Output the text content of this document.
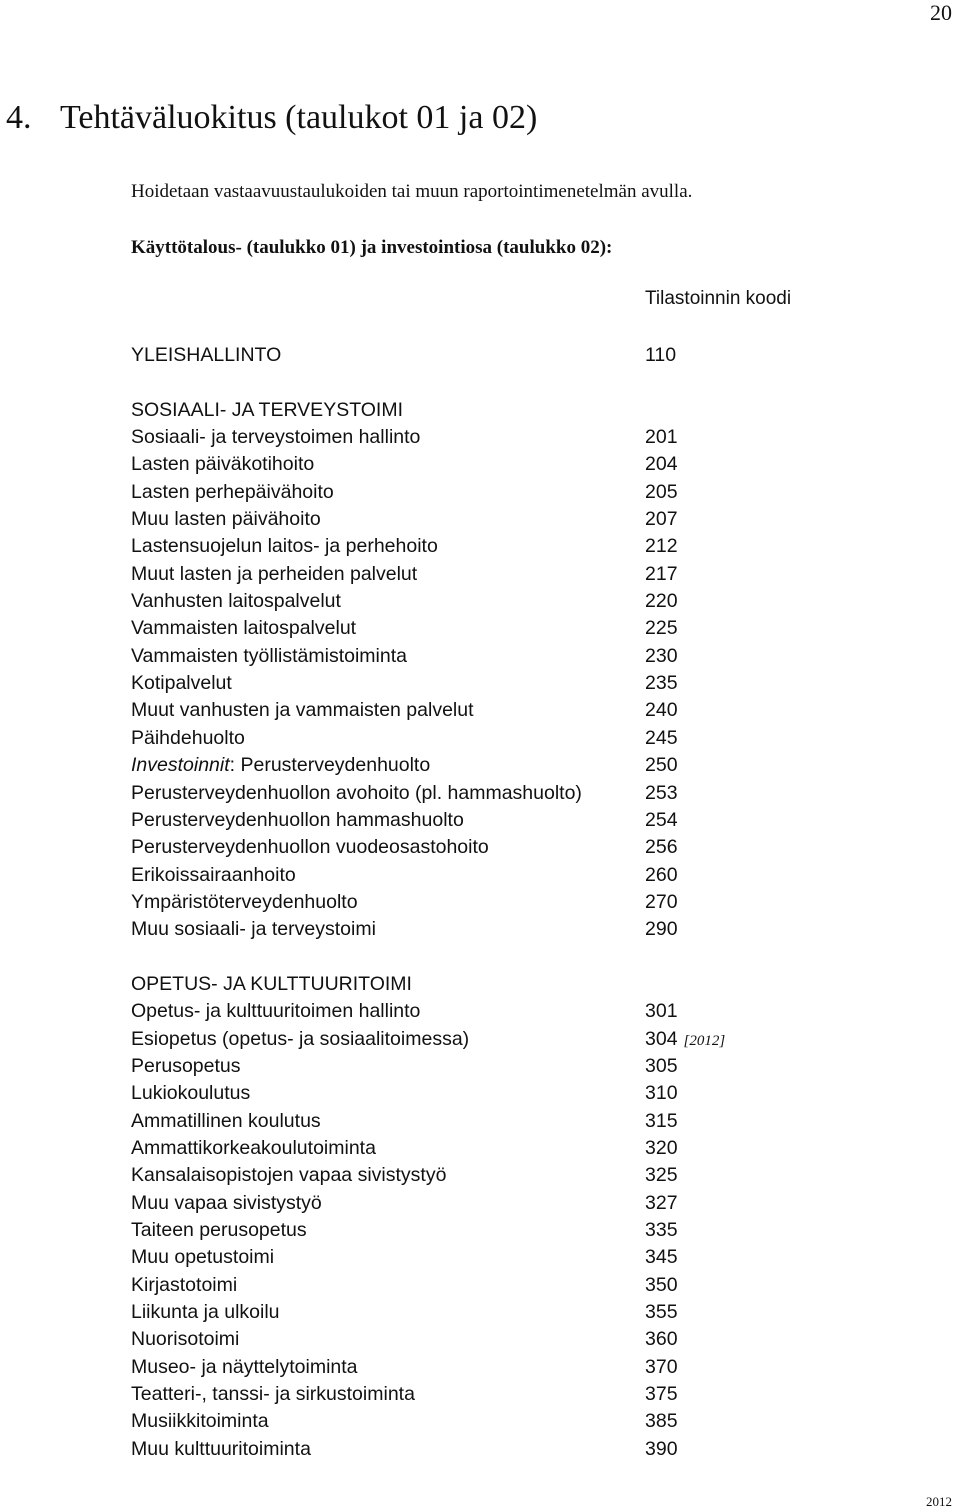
20
4. Tehtäväluokitus (taulukot 01 ja 02)
Hoidetaan vastaavuustaulukoiden tai muun raportointimenetelmän avulla.
Käyttötalous- (taulukko 01) ja investointiosa (taulukko 02):
Tilastoinnin koodi
YLEISHALLINTO	110
SOSIAALI- JA TERVEYSTOIMI
Sosiaali- ja terveystoimen hallinto	201
Lasten päiväkotihoito	204
Lasten perhepäivähoito	205
Muu lasten päivähoito	207
Lastensuojelun laitos- ja perhehoito	212
Muut lasten ja perheiden palvelut	217
Vanhusten laitospalvelut	220
Vammaisten laitospalvelut	225
Vammaisten työllistämistoiminta	230
Kotipalvelut	235
Muut vanhusten ja vammaisten palvelut	240
Päihdehuolto	245
Investoinnit: Perusterveydenhuolto	250
Perusterveydenhuollon avohoito (pl. hammashuolto)	253
Perusterveydenhuollon hammashuolto	254
Perusterveydenhuollon vuodeosastohoito	256
Erikoissairaanhoito	260
Ympäristöterveydenhuolto	270
Muu sosiaali- ja terveystoimi	290
OPETUS- JA KULTTUURITOIMI
Opetus- ja kulttuuritoimen hallinto	301
Esiopetus (opetus- ja sosiaalitoimessa)	304 [2012]
Perusopetus	305
Lukiokoulutus	310
Ammatillinen koulutus	315
Ammattikorkeakoulutoiminta	320
Kansalaisopistojen vapaa sivistystyö	325
Muu vapaa sivistystyö	327
Taiteen perusopetus	335
Muu opetustoimi	345
Kirjastotoimi	350
Liikunta ja ulkoilu	355
Nuorisotoimi	360
Museo- ja näyttelytoiminta	370
Teatteri-, tanssi- ja sirkustoiminta	375
Musiikkitoiminta	385
Muu kulttuuritoiminta	390
2012
